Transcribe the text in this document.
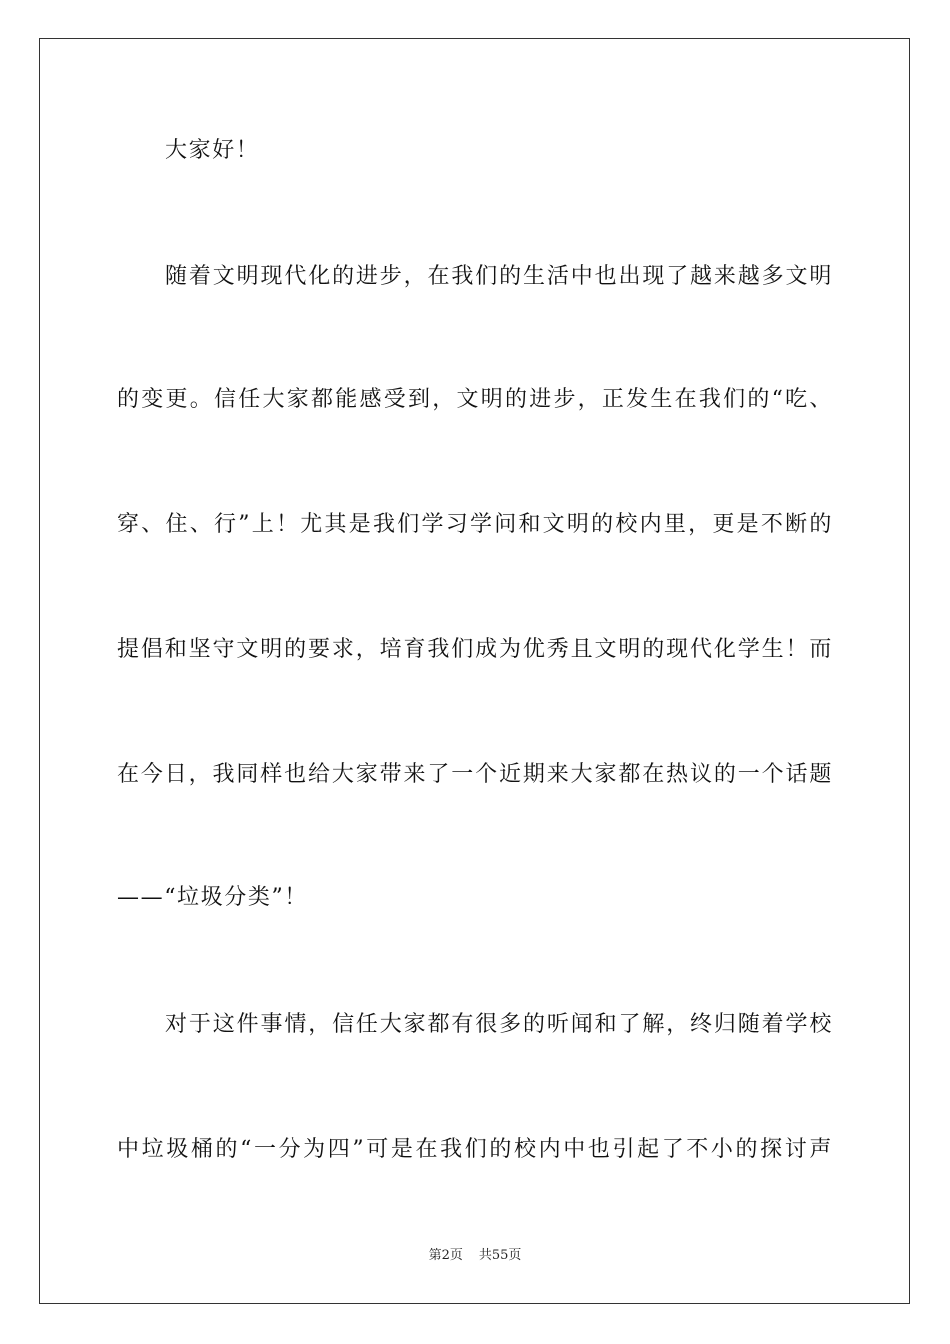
大家好！
随着文明现代化的进步，在我们的生活中也出现了越来越多文明
的变更。信任大家都能感受到，文明的进步，正发生在我们的“吃、
穿、住、行”上！尤其是我们学习学问和文明的校内里，更是不断的
提倡和坚守文明的要求，培育我们成为优秀且文明的现代化学生！而
在今日，我同样也给大家带来了一个近期来大家都在热议的一个话题
——“垃圾分类”！
对于这件事情，信任大家都有很多的听闻和了解，终归随着学校
中垃圾桶的“一分为四”可是在我们的校内中也引起了不小的探讨声
第2页 共55页
